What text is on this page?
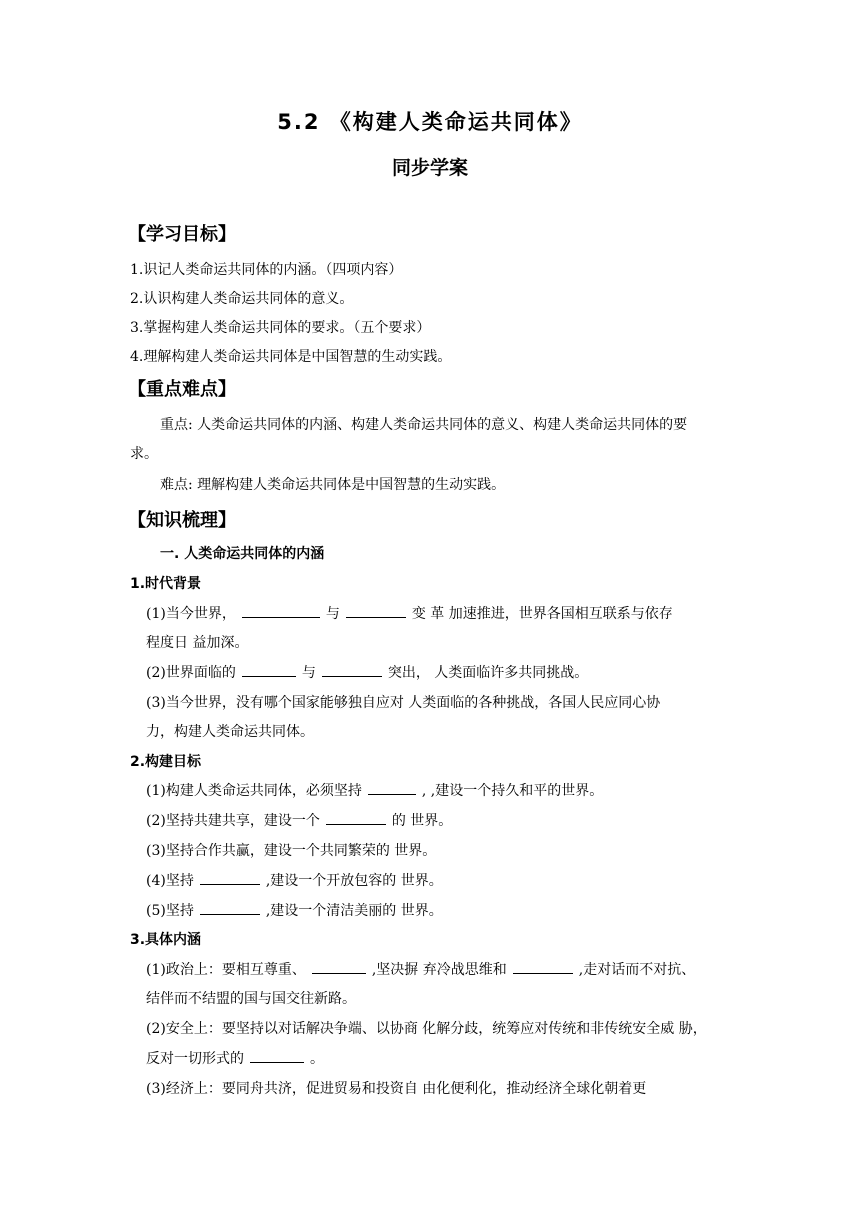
5.2 《构建人类命运共同体》
同步学案
【学习目标】
1.识记人类命运共同体的内涵。（四项内容）
2.认识构建人类命运共同体的意义。
3.掌握构建人类命运共同体的要求。（五个要求）
4.理解构建人类命运共同体是中国智慧的生动实践。
【重点难点】
重点: 人类命运共同体的内涵、构建人类命运共同体的意义、构建人类命运共同体的要
求。
难点: 理解构建人类命运共同体是中国智慧的生动实践。
【知识梳理】
一. 人类命运共同体的内涵
1.时代背景
(1)当今世界，	与	变 革 加速推进，世界各国相互联系与依存
程度日 益加深。
(2)世界面临的	与	突出， 人类面临许多共同挑战。
(3)当今世界，没有哪个国家能够独自应对 人类面临的各种挑战，各国人民应同心协
力，构建人类命运共同体。
2.构建目标
(1)构建人类命运共同体，必须坚持	, ,建设一个持久和平的世界。
(2)坚持共建共享，建设一个	的 世界。
(3)坚持合作共赢，建设一个共同繁荣的 世界。
(4)坚持	,建设一个开放包容的 世界。
(5)坚持	,建设一个清洁美丽的 世界。
3.具体内涵
(1)政治上：要相互尊重、	,坚决摒 弃冷战思维和	,走对话而不对抗、
结伴而不结盟的国与国交往新路。
(2)安全上：要坚持以对话解决争端、以协商 化解分歧，统筹应对传统和非传统安全威 胁，
反对一切形式的	。
(3)经济上：要同舟共济，促进贸易和投资自 由化便利化，推动经济全球化朝着更
